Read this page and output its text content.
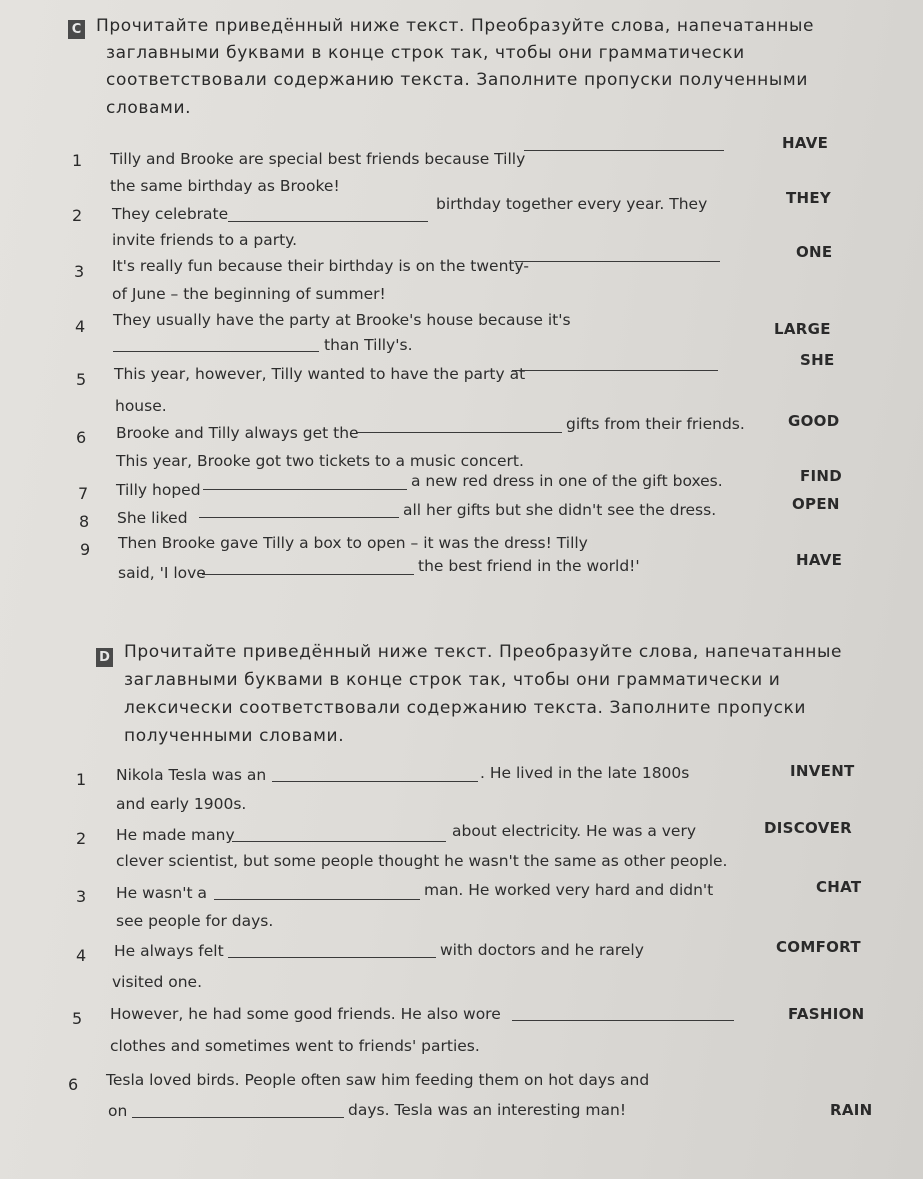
C Прочитайте приведённый ниже текст. Преобразуйте слова, напечатанные
заглавными буквами в конце строк так, чтобы они грамматически
соответствовали содержанию текста. Заполните пропуски полученными
словами.
1 Tilly and Brooke are special best friends because Tilly
HAVE
the same birthday as Brooke!
2 They celebrate
birthday together every year. They	THEY
invite friends to a party.
3 It's really fun because their birthday is on the twenty-
ONE
of June – the beginning of summer!
4 They usually have the party at Brooke's house because it's
than Tilly's.
LARGE
5 This year, however, Tilly wanted to have the party at
SHE
house.
6 Brooke and Tilly always get the	gifts from their friends.	GOOD
This year, Brooke got two tickets to a music concert.
7 Tilly hoped	a new red dress in one of the gift boxes.	FIND
8 She liked	all her gifts but she didn't see the dress.	OPEN
9 Then Brooke gave Tilly a box to open – it was the dress! Tilly
said, 'I love	the best friend in the world!'	HAVE
D Прочитайте приведённый ниже текст. Преобразуйте слова, напечатанные
заглавными буквами в конце строк так, чтобы они грамматически и
лексически соответствовали содержанию текста. Заполните пропуски
полученными словами.
1 Nikola Tesla was an	. He lived in the late 1800s	INVENT
and early 1900s.
2 He made many	about electricity. He was a very	DISCOVER
clever scientist, but some people thought he wasn't the same as other people.
3 He wasn't a	man. He worked very hard and didn't	CHAT
see people for days.
4 He always felt	with doctors and he rarely	COMFORT
visited one.
5 However, he had some good friends. He also wore	FASHION
clothes and sometimes went to friends' parties.
6 Tesla loved birds. People often saw him feeding them on hot days and
on	days. Tesla was an interesting man!	RAIN
